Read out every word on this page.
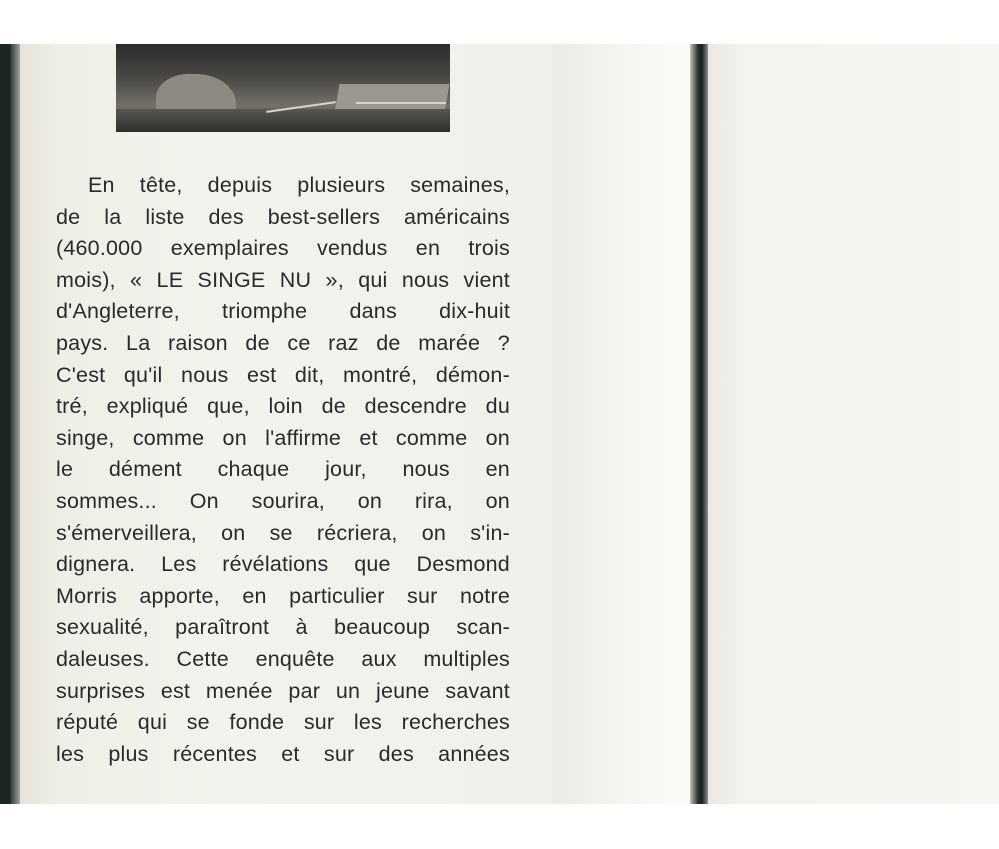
En tête, depuis plusieurs semaines,
de la liste des best-sellers américains
(460.000 exemplaires vendus en trois
mois), « LE SINGE NU », qui nous vient
d'Angleterre, triomphe dans dix-huit
pays. La raison de ce raz de marée ?
C'est qu'il nous est dit, montré, démon-
tré, expliqué que, loin de descendre du
singe, comme on l'affirme et comme on
le dément chaque jour, nous en
sommes... On sourira, on rira, on
s'émerveillera, on se récriera, on s'in-
dignera. Les révélations que Desmond
Morris apporte, en particulier sur notre
sexualité, paraîtront à beaucoup scan-
daleuses. Cette enquête aux multiples
surprises est menée par un jeune savant
réputé qui se fonde sur les recherches
les plus récentes et sur des années
